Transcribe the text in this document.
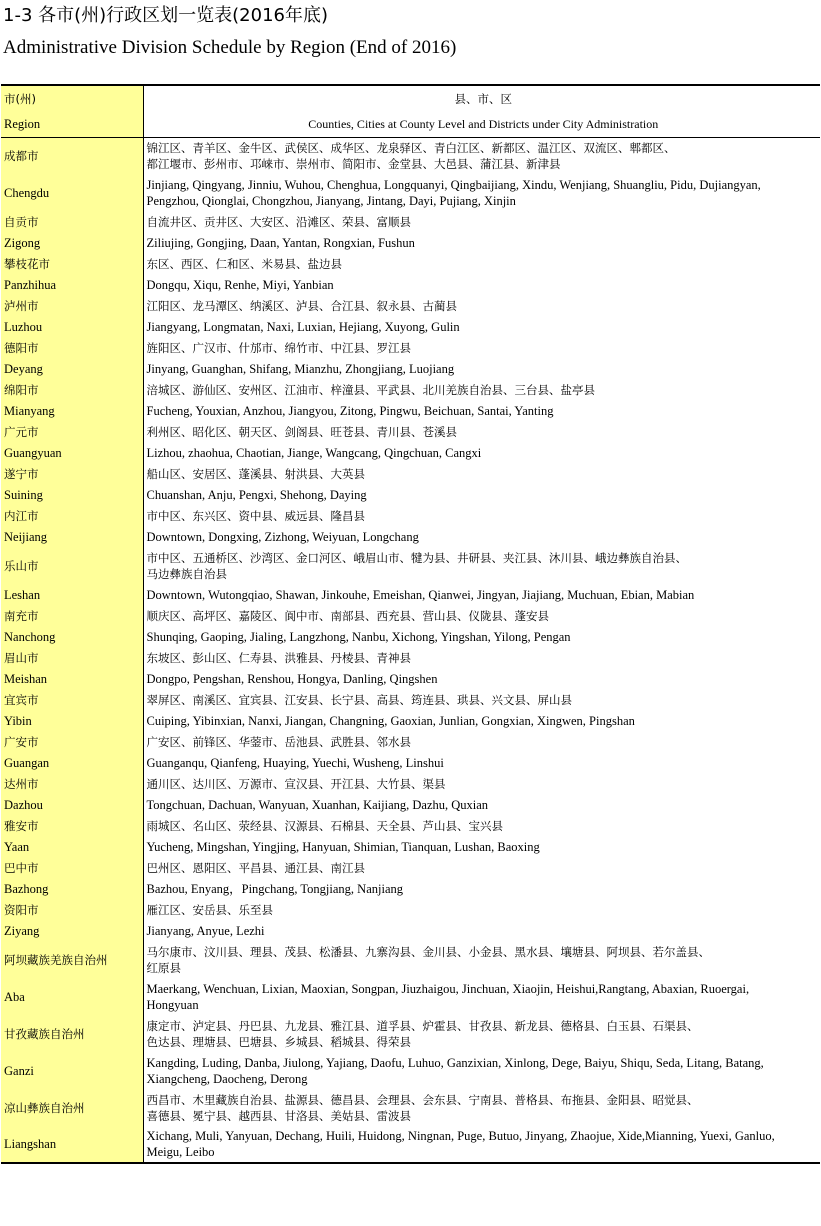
1-3 各市(州)行政区划一览表(2016年底)
Administrative Division Schedule by Region (End of 2016)
市(州)	县、市、区
Region	Counties, Cities at County Level and Districts under City Administration
成都市	锦江区、青羊区、金牛区、武侯区、成华区、龙泉驿区、青白江区、新都区、温江区、双流区、郫都区、
都江堰市、彭州市、邛崃市、崇州市、简阳市、金堂县、大邑县、蒲江县、新津县

Chengdu	Jinjiang, Qingyang, Jinniu, Wuhou, Chenghua, Longquanyi, Qingbaijiang, Xindu, Wenjiang, Shuangliu, Pidu, Dujiangyan,
Pengzhou, Qionglai, Chongzhou, Jianyang, Jintang, Dayi, Pujiang, Xinjin

自贡市	自流井区、贡井区、大安区、沿滩区、荣县、富顺县

Zigong	Ziliujing, Gongjing, Daan, Yantan, Rongxian, Fushun

攀枝花市	东区、西区、仁和区、米易县、盐边县

Panzhihua	Dongqu, Xiqu, Renhe, Miyi, Yanbian

泸州市	江阳区、龙马潭区、纳溪区、泸县、合江县、叙永县、古蔺县

Luzhou	Jiangyang, Longmatan, Naxi, Luxian, Hejiang, Xuyong, Gulin

德阳市	旌阳区、广汉市、什邡市、绵竹市、中江县、罗江县

Deyang	Jinyang, Guanghan, Shifang, Mianzhu, Zhongjiang, Luojiang

绵阳市	涪城区、游仙区、安州区、江油市、梓潼县、平武县、北川羌族自治县、三台县、盐亭县

Mianyang	Fucheng, Youxian, Anzhou, Jiangyou, Zitong, Pingwu, Beichuan, Santai, Yanting

广元市	利州区、昭化区、朝天区、剑阁县、旺苍县、青川县、苍溪县

Guangyuan	Lizhou, zhaohua, Chaotian, Jiange, Wangcang, Qingchuan, Cangxi

遂宁市	船山区、安居区、蓬溪县、射洪县、大英县

Suining	Chuanshan, Anju, Pengxi, Shehong, Daying

内江市	市中区、东兴区、资中县、威远县、隆昌县

Neijiang	Downtown, Dongxing, Zizhong, Weiyuan, Longchang

乐山市	市中区、五通桥区、沙湾区、金口河区、峨眉山市、犍为县、井研县、夹江县、沐川县、峨边彝族自治县、
马边彝族自治县

Leshan	Downtown, Wutongqiao, Shawan, Jinkouhe, Emeishan, Qianwei, Jingyan, Jiajiang, Muchuan, Ebian, Mabian

南充市	顺庆区、高坪区、嘉陵区、阆中市、南部县、西充县、营山县、仪陇县、蓬安县

Nanchong	Shunqing, Gaoping, Jialing, Langzhong, Nanbu, Xichong, Yingshan, Yilong, Pengan

眉山市	东坡区、彭山区、仁寿县、洪雅县、丹棱县、青神县

Meishan	Dongpo, Pengshan, Renshou, Hongya, Danling, Qingshen

宜宾市	翠屏区、南溪区、宜宾县、江安县、长宁县、高县、筠连县、珙县、兴文县、屏山县

Yibin	Cuiping, Yibinxian, Nanxi, Jiangan, Changning, Gaoxian, Junlian, Gongxian, Xingwen, Pingshan

广安市	广安区、前锋区、华蓥市、岳池县、武胜县、邻水县

Guangan	Guanganqu, Qianfeng, Huaying, Yuechi, Wusheng, Linshui

达州市	通川区、达川区、万源市、宣汉县、开江县、大竹县、渠县

Dazhou	Tongchuan, Dachuan, Wanyuan, Xuanhan, Kaijiang, Dazhu, Quxian

雅安市	雨城区、名山区、荥经县、汉源县、石棉县、天全县、芦山县、宝兴县

Yaan	Yucheng, Mingshan, Yingjing, Hanyuan, Shimian, Tianquan, Lushan, Baoxing

巴中市	巴州区、恩阳区、平昌县、通江县、南江县

Bazhong	Bazhou, Enyang，Pingchang, Tongjiang, Nanjiang

资阳市	雁江区、安岳县、乐至县

Ziyang	Jianyang, Anyue, Lezhi

阿坝藏族羌族自治州	马尔康市、汶川县、理县、茂县、松潘县、九寨沟县、金川县、小金县、黑水县、壤塘县、阿坝县、若尔盖县、
红原县

Aba	Maerkang, Wenchuan, Lixian, Maoxian, Songpan, Jiuzhaigou, Jinchuan, Xiaojin, Heishui,Rangtang, Abaxian, Ruoergai,
Hongyuan

甘孜藏族自治州	康定市、泸定县、丹巴县、九龙县、雅江县、道孚县、炉霍县、甘孜县、新龙县、德格县、白玉县、石渠县、
色达县、理塘县、巴塘县、乡城县、稻城县、得荣县

Ganzi	Kangding, Luding, Danba, Jiulong, Yajiang, Daofu, Luhuo, Ganzixian, Xinlong, Dege, Baiyu, Shiqu, Seda, Litang, Batang,
Xiangcheng, Daocheng, Derong

凉山彝族自治州	西昌市、木里藏族自治县、盐源县、德昌县、会理县、会东县、宁南县、普格县、布拖县、金阳县、昭觉县、
喜德县、冕宁县、越西县、甘洛县、美姑县、雷波县

Liangshan	Xichang, Muli, Yanyuan, Dechang, Huili, Huidong, Ningnan, Puge, Butuo, Jinyang, Zhaojue, Xide,Mianning, Yuexi, Ganluo,
Meigu, Leibo
